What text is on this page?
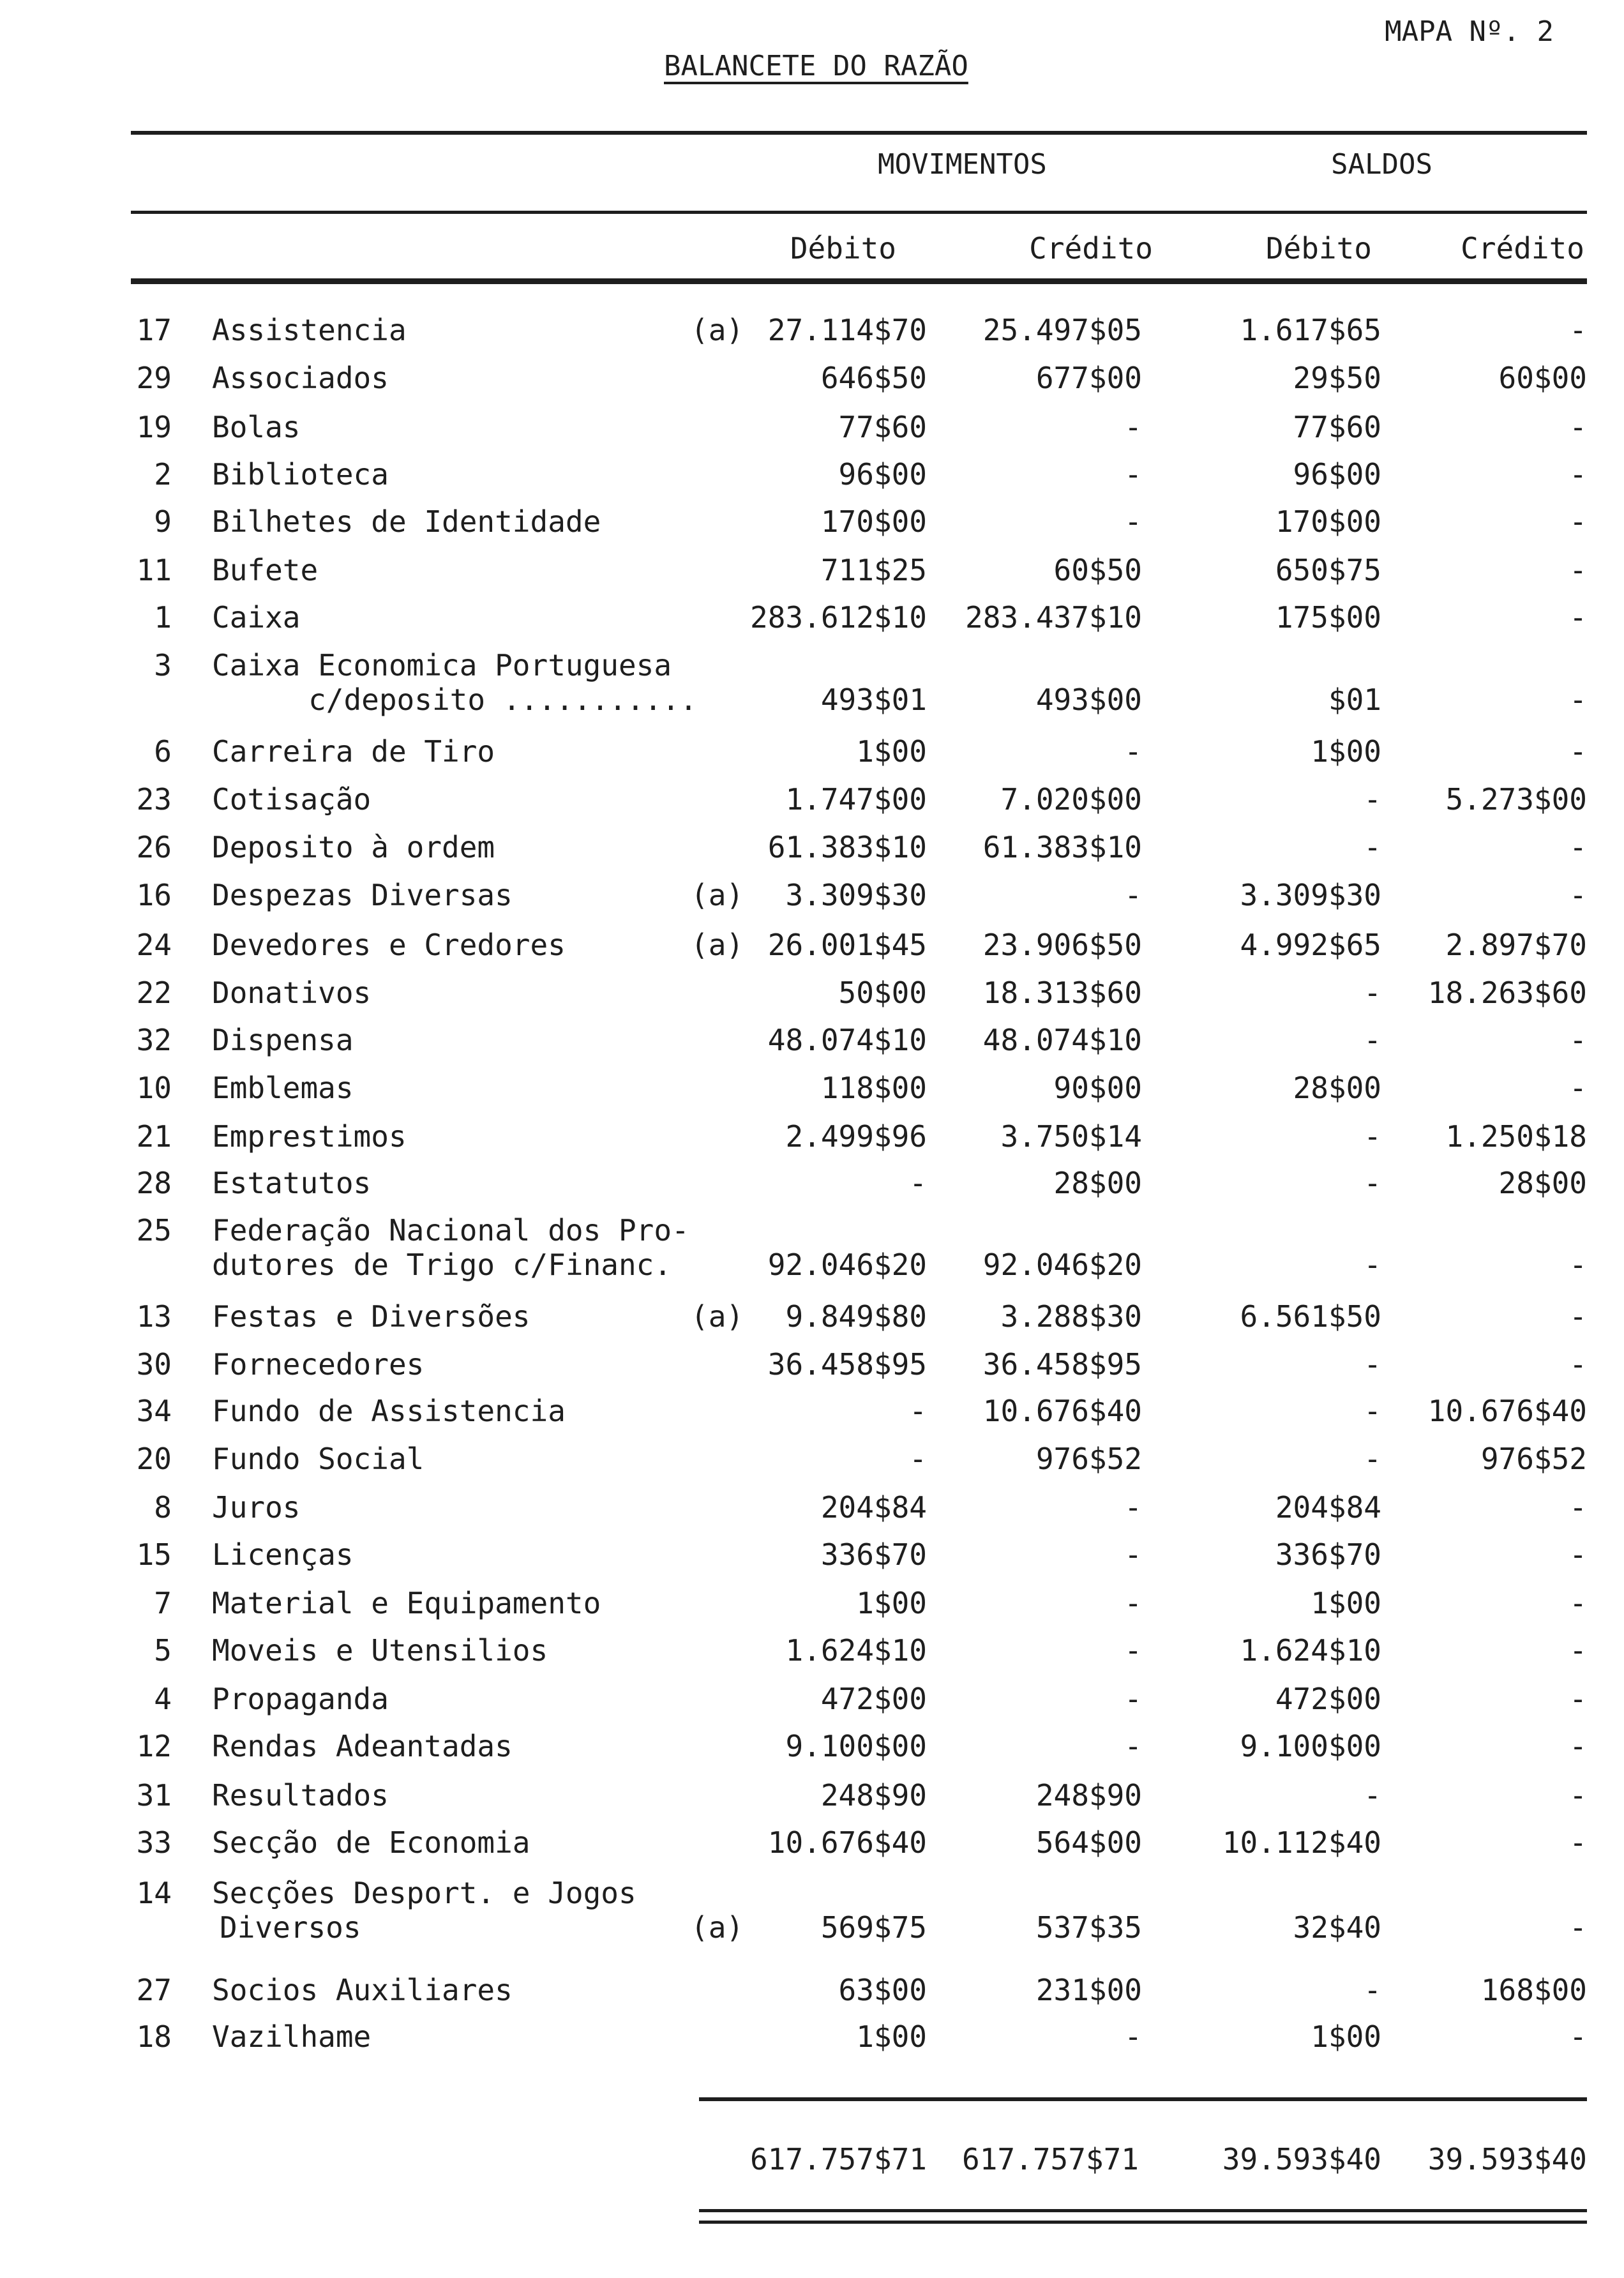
MAPA Nº. 2
BALANCETE DO RAZÃO
MOVIMENTOS	SALDOS
Débito	Crédito	Débito	Crédito
17 Assistencia	(a) 27.114$70 25.497$05	1.617$65	-
29 Associados	646$50	677$00	29$50	60$00
19 Bolas	77$60	-	77$60	-
2 Biblioteca	96$00	-	96$00	-
9 Bilhetes de Identidade	170$00	-	170$00	-
11 Bufete	711$25	60$50	650$75	-
1 Caixa	283.612$10 283.437$10	175$00	-
3 Caixa Economica Portuguesa
c/deposito ...........	493$01	493$00	$01	-
6 Carreira de Tiro	1$00	-	1$00	-
23 Cotisação	1.747$00	7.020$00	- 5.273$00
26 Deposito à ordem	61.383$10 61.383$10	-	-
16 Despezas Diversas	(a) 3.309$30	-	3.309$30	-
24 Devedores e Credores	(a) 26.001$45 23.906$50	4.992$65 2.897$70
22 Donativos	50$00 18.313$60	- 18.263$60
32 Dispensa	48.074$10 48.074$10	-	-
10 Emblemas	118$00	90$00	28$00	-
21 Emprestimos	2.499$96	3.750$14	- 1.250$18
28 Estatutos	-	28$00	-	28$00
25 Federação Nacional dos Pro-
dutores de Trigo c/Financ.	92.046$20 92.046$20	-	-
13 Festas e Diversões	(a) 9.849$80	3.288$30	6.561$50	-
30 Fornecedores	36.458$95 36.458$95	-	-
34 Fundo de Assistencia	- 10.676$40	- 10.676$40
20 Fundo Social	-	976$52	-	976$52
8 Juros	204$84	-	204$84	-
15 Licenças	336$70	-	336$70	-
7 Material e Equipamento	1$00	-	1$00	-
5 Moveis e Utensilios	1.624$10	-	1.624$10	-
4 Propaganda	472$00	-	472$00	-
12 Rendas Adeantadas	9.100$00	-	9.100$00	-
31 Resultados	248$90	248$90	-	-
33 Secção de Economia	10.676$40	564$00	10.112$40	-
14 Secções Desport. e Jogos
Diversos	(a)	569$75	537$35	32$40	-
27 Socios Auxiliares	63$00	231$00	-	168$00
18 Vazilhame	1$00	-	1$00	-
617.757$71 617.757$71	39.593$40 39.593$40
